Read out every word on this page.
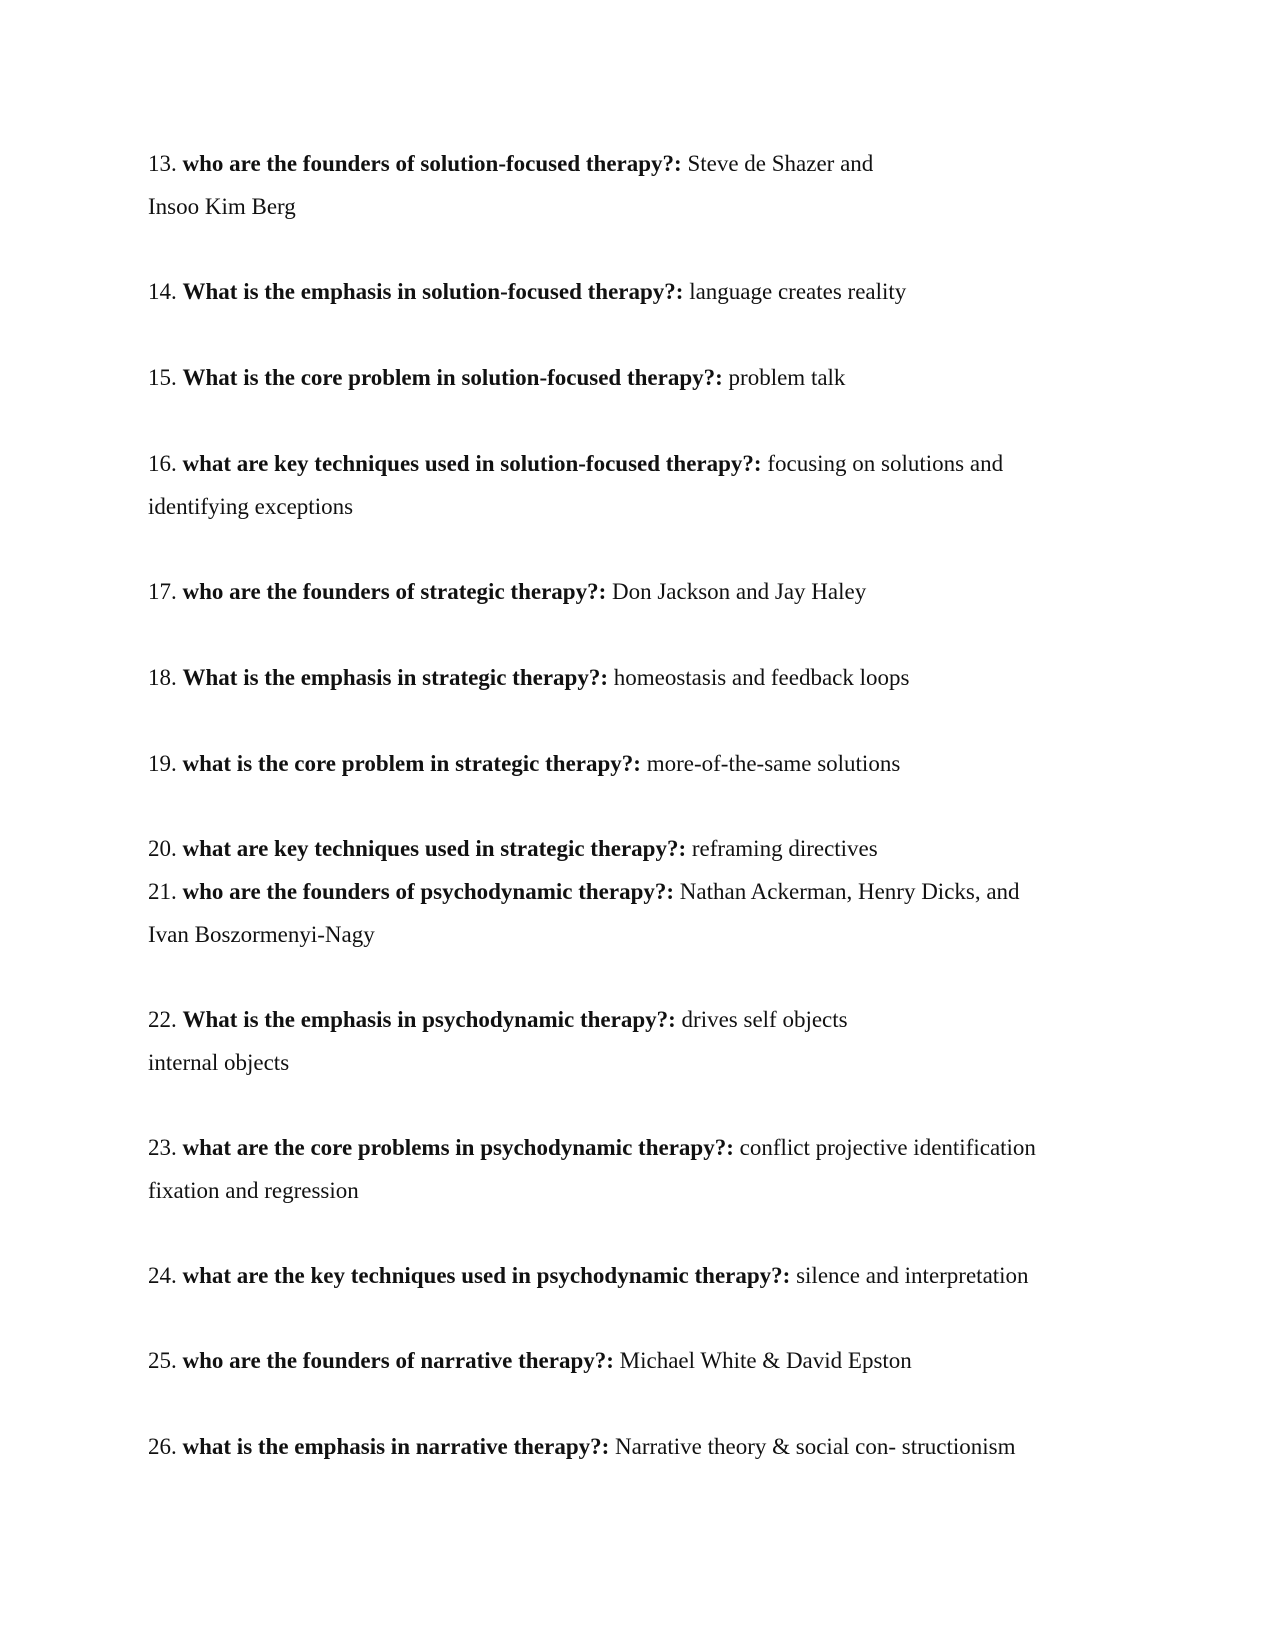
13. who are the founders of solution-focused therapy?: Steve de Shazer and
Insoo Kim Berg

14. What is the emphasis in solution-focused therapy?: language creates reality

15. What is the core problem in solution-focused therapy?: problem talk

16. what are key techniques used in solution-focused therapy?: focusing on solutions and
identifying exceptions

17. who are the founders of strategic therapy?: Don Jackson and Jay Haley

18. What is the emphasis in strategic therapy?: homeostasis and feedback loops

19. what is the core problem in strategic therapy?: more-of-the-same solutions

20. what are key techniques used in strategic therapy?: reframing directives

21. who are the founders of psychodynamic therapy?: Nathan Ackerman, Henry Dicks, and
Ivan Boszormenyi-Nagy

22. What is the emphasis in psychodynamic therapy?: drives self objects
internal objects

23. what are the core problems in psychodynamic therapy?: conflict projective identification
fixation and regression

24. what are the key techniques used in psychodynamic therapy?: silence and interpretation

25. who are the founders of narrative therapy?: Michael White & David Epston

26. what is the emphasis in narrative therapy?: Narrative theory & social con- structionism
